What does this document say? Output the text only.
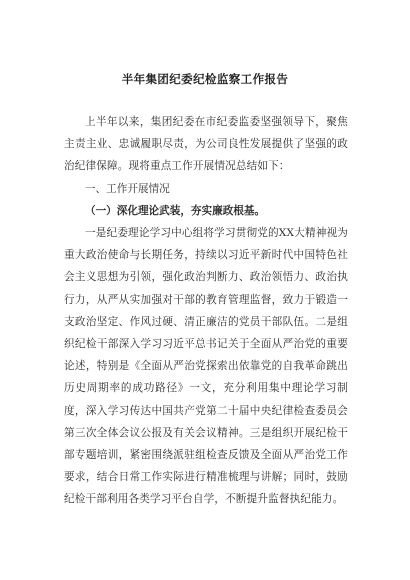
半年集团纪委纪检监察工作报告

上半年以来，集团纪委在市纪委监委坚强领导下，聚焦主责主业、忠诚履职尽责，为公司良性发展提供了坚强的政治纪律保障。现将重点工作开展情况总结如下：

一、工作开展情况

（一）深化理论武装，夯实廉政根基。

一是纪委理论学习中心组将学习贯彻党的XX大精神视为重大政治使命与长期任务，持续以习近平新时代中国特色社会主义思想为引领，强化政治判断力、政治领悟力、政治执行力，从严从实加强对干部的教育管理监督，致力于锻造一支政治坚定、作风过硬、清正廉洁的党员干部队伍。二是组织纪检干部深入学习习近平总书记关于全面从严治党的重要论述，特别是《全面从严治党探索出依靠党的自我革命跳出历史周期率的成功路径》一文，充分利用集中理论学习制度，深入学习传达中国共产党第二十届中央纪律检查委员会第三次全体会议公报及有关会议精神。三是组织开展纪检干部专题培训，紧密围绕派驻组检查反馈及全面从严治党工作要求，结合日常工作实际进行精准梳理与讲解；同时，鼓励纪检干部利用各类学习平台自学，不断提升监督执纪能力。
